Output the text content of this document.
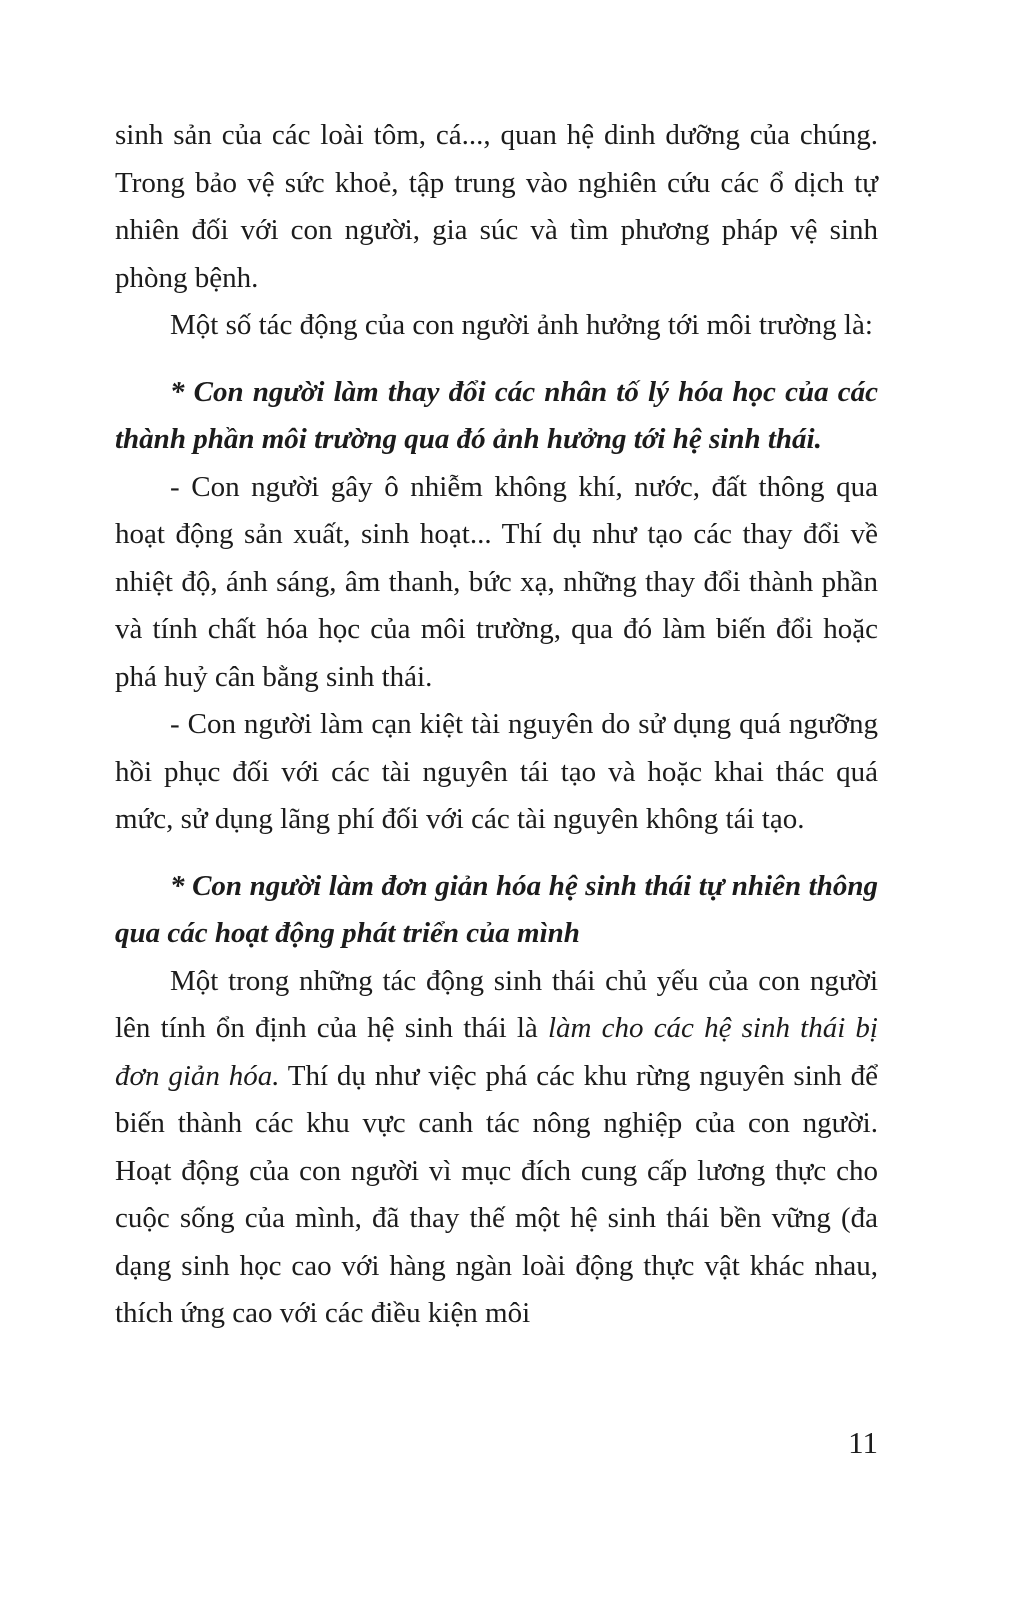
sinh sản của các loài tôm, cá..., quan hệ dinh dưỡng của chúng. Trong bảo vệ sức khoẻ, tập trung vào nghiên cứu các ổ dịch tự nhiên đối với con người, gia súc và tìm phương pháp vệ sinh phòng bệnh.

Một số tác động của con người ảnh hưởng tới môi trường là:

* Con người làm thay đổi các nhân tố lý hóa học của các thành phần môi trường qua đó ảnh hưởng tới hệ sinh thái.

- Con người gây ô nhiễm không khí, nước, đất thông qua hoạt động sản xuất, sinh hoạt... Thí dụ như tạo các thay đổi về nhiệt độ, ánh sáng, âm thanh, bức xạ, những thay đổi thành phần và tính chất hóa học của môi trường, qua đó làm biến đổi hoặc phá huỷ cân bằng sinh thái.

- Con người làm cạn kiệt tài nguyên do sử dụng quá ngưỡng hồi phục đối với các tài nguyên tái tạo và hoặc khai thác quá mức, sử dụng lãng phí đối với các tài nguyên không tái tạo.

* Con người làm đơn giản hóa hệ sinh thái tự nhiên thông qua các hoạt động phát triển của mình

Một trong những tác động sinh thái chủ yếu của con người lên tính ổn định của hệ sinh thái là làm cho các hệ sinh thái bị đơn giản hóa. Thí dụ như việc phá các khu rừng nguyên sinh để biến thành các khu vực canh tác nông nghiệp của con người. Hoạt động của con người vì mục đích cung cấp lương thực cho cuộc sống của mình, đã thay thế một hệ sinh thái bền vững (đa dạng sinh học cao với hàng ngàn loài động thực vật khác nhau, thích ứng cao với các điều kiện môi

11
